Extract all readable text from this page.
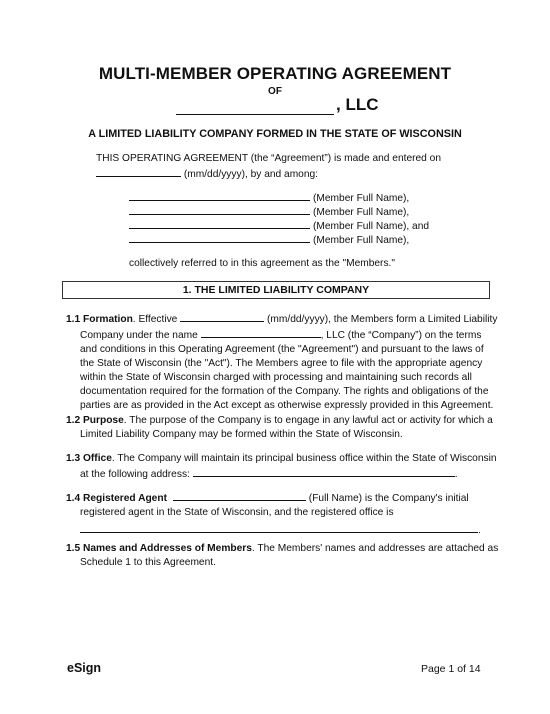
MULTI-MEMBER OPERATING AGREEMENT
OF
, LLC
A LIMITED LIABILITY COMPANY FORMED IN THE STATE OF WISCONSIN
THIS OPERATING AGREEMENT (the “Agreement”) is made and entered on
(mm/dd/yyyy), by and among:
(Member Full Name),
(Member Full Name),
(Member Full Name), and
(Member Full Name),
collectively referred to in this agreement as the "Members."
1. THE LIMITED LIABILITY COMPANY
1.1 Formation. Effective	(mm/dd/yyyy), the Members form a Limited Liability
Company under the name	, LLC (the “Company”) on the terms
and conditions in this Operating Agreement (the "Agreement") and pursuant to the laws of
the State of Wisconsin (the "Act"). The Members agree to file with the appropriate agency
within the State of Wisconsin charged with processing and maintaining such records all
documentation required for the formation of the Company. The rights and obligations of the
parties are as provided in the Act except as otherwise expressly provided in this Agreement.
1.2 Purpose. The purpose of the Company is to engage in any lawful act or activity for which a
Limited Liability Company may be formed within the State of Wisconsin.
1.3 Office. The Company will maintain its principal business office within the State of Wisconsin
at the following address:	.
1.4 Registered Agent	(Full Name) is the Company's initial
registered agent in the State of Wisconsin, and the registered office is
.
1.5 Names and Addresses of Members. The Members' names and addresses are attached as
Schedule 1 to this Agreement.
eSign	Page 1 of 14
